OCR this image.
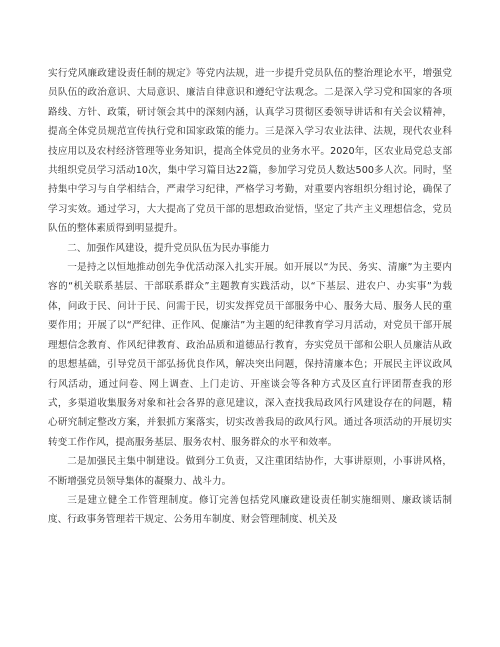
实行党风廉政建设责任制的规定》等党内法规，进一步提升党员队伍的整治理论水平，增强党员队伍的政治意识、大局意识、廉洁自律意识和遵纪守法观念。二是深入学习党和国家的各项路线、方针、政策，研讨领会其中的深刻内涵，认真学习贯彻区委领导讲话和有关会议精神，提高全体党员规范宣传执行党和国家政策的能力。三是深入学习农业法律、法规，现代农业科技应用以及农村经济管理等业务知识，提高全体党员的业务水平。2020年，区农业局党总支部共组织党员学习活动10次，集中学习篇目达22篇，参加学习党员人数达500多人次。同时，坚持集中学习与自学相结合，严肃学习纪律，严格学习考勤，对重要内容组织分组讨论，确保了学习实效。通过学习，大大提高了党员干部的思想政治觉悟，坚定了共产主义理想信念，党员队伍的整体素质得到明显提升。

二、加强作风建设，提升党员队伍为民办事能力

一是持之以恒地推动创先争优活动深入扎实开展。如开展以“为民、务实、清廉”为主要内容的“机关联系基层、干部联系群众”主题教育实践活动，以“下基层、进农户、办实事”为载体，问政于民、问计于民、问需于民，切实发挥党员干部服务中心、服务大局、服务人民的重要作用；开展了以“严纪律、正作风、促廉洁”为主题的纪律教育学习月活动，对党员干部开展理想信念教育、作风纪律教育、政治品质和道德品行教育，夯实党员干部和公职人员廉洁从政的思想基础，引导党员干部弘扬优良作风，解决突出问题，保持清廉本色；开展民主评议政风行风活动，通过问卷、网上调查、上门走访、开座谈会等各种方式及区直行评团帮查我的形式，多渠道收集服务对象和社会各界的意见建议，深入查找我局政风行风建设存在的问题，精心研究制定整改方案，并狠抓方案落实，切实改善我局的政风行风。通过各项活动的开展切实转变工作作风，提高服务基层、服务农村、服务群众的水平和效率。

二是加强民主集中制建设。做到分工负责，又注重团结协作，大事讲原则，小事讲风格，不断增强党员领导集体的凝聚力、战斗力。

三是建立健全工作管理制度。修订完善包括党风廉政建设责任制实施细则、廉政谈话制度、行政事务管理若干规定、公务用车制度、财会管理制度、机关及
